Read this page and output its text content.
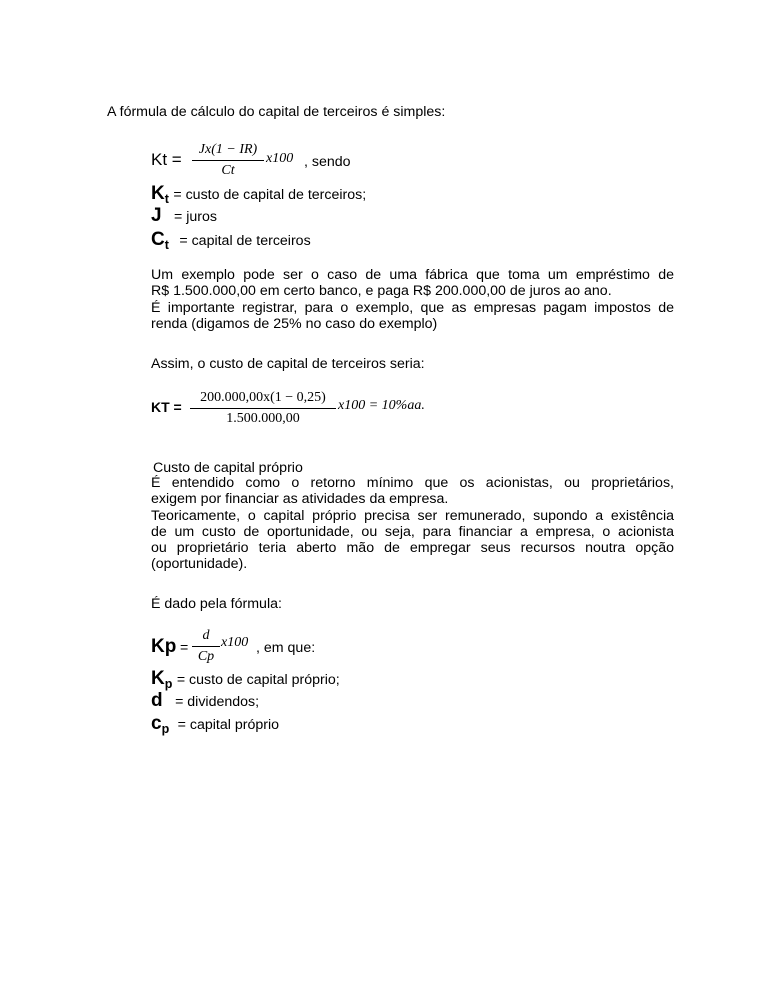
A fórmula de cálculo do capital de terceiros é simples:
Kt =
Jx(1 − IR)
Ct
x100 , sendo
$K_t$ = custo de capital de terceiros;
J = juros
$C_t$ = capital de terceiros
Um exemplo pode ser o caso de uma fábrica que toma um empréstimo de
R$ 1.500.000,00 em certo banco, e paga R$ 200.000,00 de juros ao ano.
É importante registrar, para o exemplo, que as empresas pagam impostos de
renda (digamos de 25% no caso do exemplo)
Assim, o custo de capital de terceiros seria:
KT =
200.000,00x(1 − 0,25)
1.500.000,00
x100 = 10%aa.
Custo de capital próprio
É entendido como o retorno mínimo que os acionistas, ou proprietários,
exigem por financiar as atividades da empresa.
Teoricamente, o capital próprio precisa ser remunerado, supondo a existência
de um custo de oportunidade, ou seja, para financiar a empresa, o acionista
ou proprietário teria aberto mão de empregar seus recursos noutra opção
(oportunidade).
É dado pela fórmula:
Kp =
d
Cp
x100 , em que:
$K_p$ = custo de capital próprio;
d = dividendos;
$c_p$ = capital próprio
